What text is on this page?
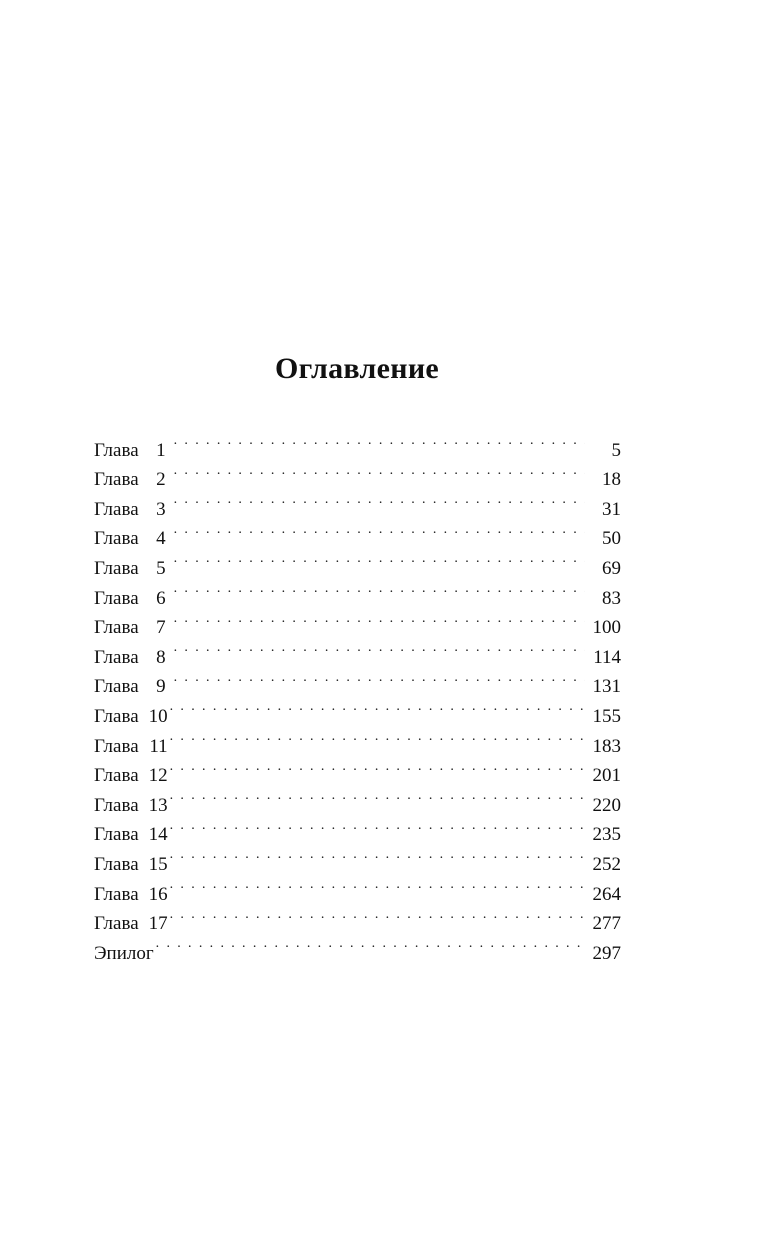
Оглавление
Глава 1 . . .	5
Глава 2 . . .	18
Глава 3 . . .	31
Глава 4 . . .	50
Глава 5 . . .	69
Глава 6 . . .	83
Глава 7 . . .	100
Глава 8 . . .	114
Глава 9 . . .	131
Глава 10 . . .	155
Глава 11 . . .	183
Глава 12 . . .	201
Глава 13 . . .	220
Глава 14 . . .	235
Глава 15 . . .	252
Глава 16 . . .	264
Глава 17 . . .	277
Эпилог . . .	297
